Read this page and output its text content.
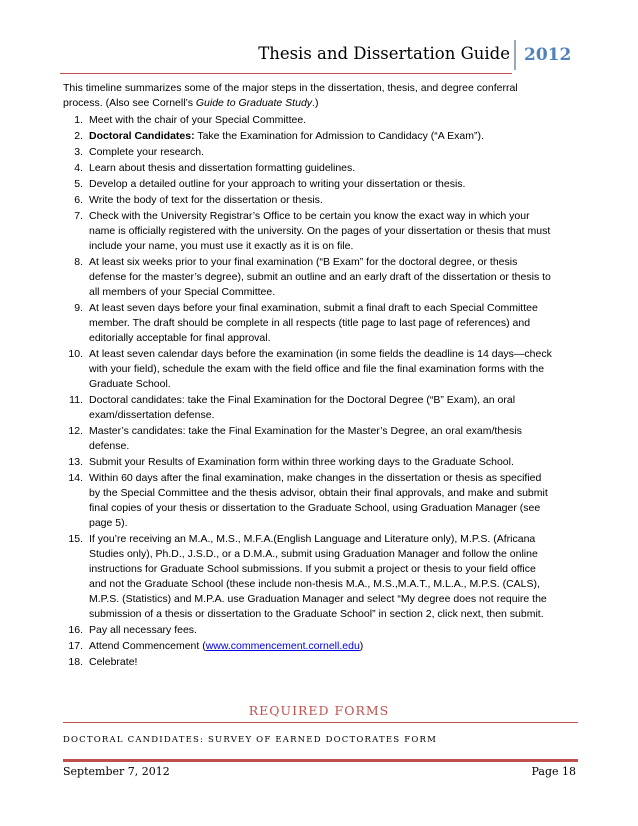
Thesis and Dissertation Guide 2012

This timeline summarizes some of the major steps in the dissertation, thesis, and degree conferral process. (Also see Cornell’s Guide to Graduate Study.)

1. Meet with the chair of your Special Committee.
2. Doctoral Candidates: Take the Examination for Admission to Candidacy (“A Exam”).
3. Complete your research.
4. Learn about thesis and dissertation formatting guidelines.
5. Develop a detailed outline for your approach to writing your dissertation or thesis.
6. Write the body of text for the dissertation or thesis.
7. Check with the University Registrar’s Office to be certain you know the exact way in which your name is officially registered with the university. On the pages of your dissertation or thesis that must include your name, you must use it exactly as it is on file.
8. At least six weeks prior to your final examination (“B Exam” for the doctoral degree, or thesis defense for the master’s degree), submit an outline and an early draft of the dissertation or thesis to all members of your Special Committee.
9. At least seven days before your final examination, submit a final draft to each Special Committee member. The draft should be complete in all respects (title page to last page of references) and editorially acceptable for final approval.
10. At least seven calendar days before the examination (in some fields the deadline is 14 days—check with your field), schedule the exam with the field office and file the final examination forms with the Graduate School.
11. Doctoral candidates: take the Final Examination for the Doctoral Degree (“B” Exam), an oral exam/dissertation defense.
12. Master’s candidates: take the Final Examination for the Master’s Degree, an oral exam/thesis defense.
13. Submit your Results of Examination form within three working days to the Graduate School.
14. Within 60 days after the final examination, make changes in the dissertation or thesis as specified by the Special Committee and the thesis advisor, obtain their final approvals, and make and submit final copies of your thesis or dissertation to the Graduate School, using Graduation Manager (see page 5).
15. If you’re receiving an M.A., M.S., M.F.A.(English Language and Literature only), M.P.S. (Africana Studies only), Ph.D., J.S.D., or a D.M.A., submit using Graduation Manager and follow the online instructions for Graduate School submissions. If you submit a project or thesis to your field office and not the Graduate School (these include non-thesis M.A., M.S.,M.A.T., M.L.A., M.P.S. (CALS), M.P.S. (Statistics) and M.P.A. use Graduation Manager and select “My degree does not require the submission of a thesis or dissertation to the Graduate School” in section 2, click next, then submit.
16. Pay all necessary fees.
17. Attend Commencement (www.commencement.cornell.edu)
18. Celebrate!
REQUIRED FORMS
DOCTORAL CANDIDATES: SURVEY OF EARNED DOCTORATES FORM
September 7, 2012	Page 18
